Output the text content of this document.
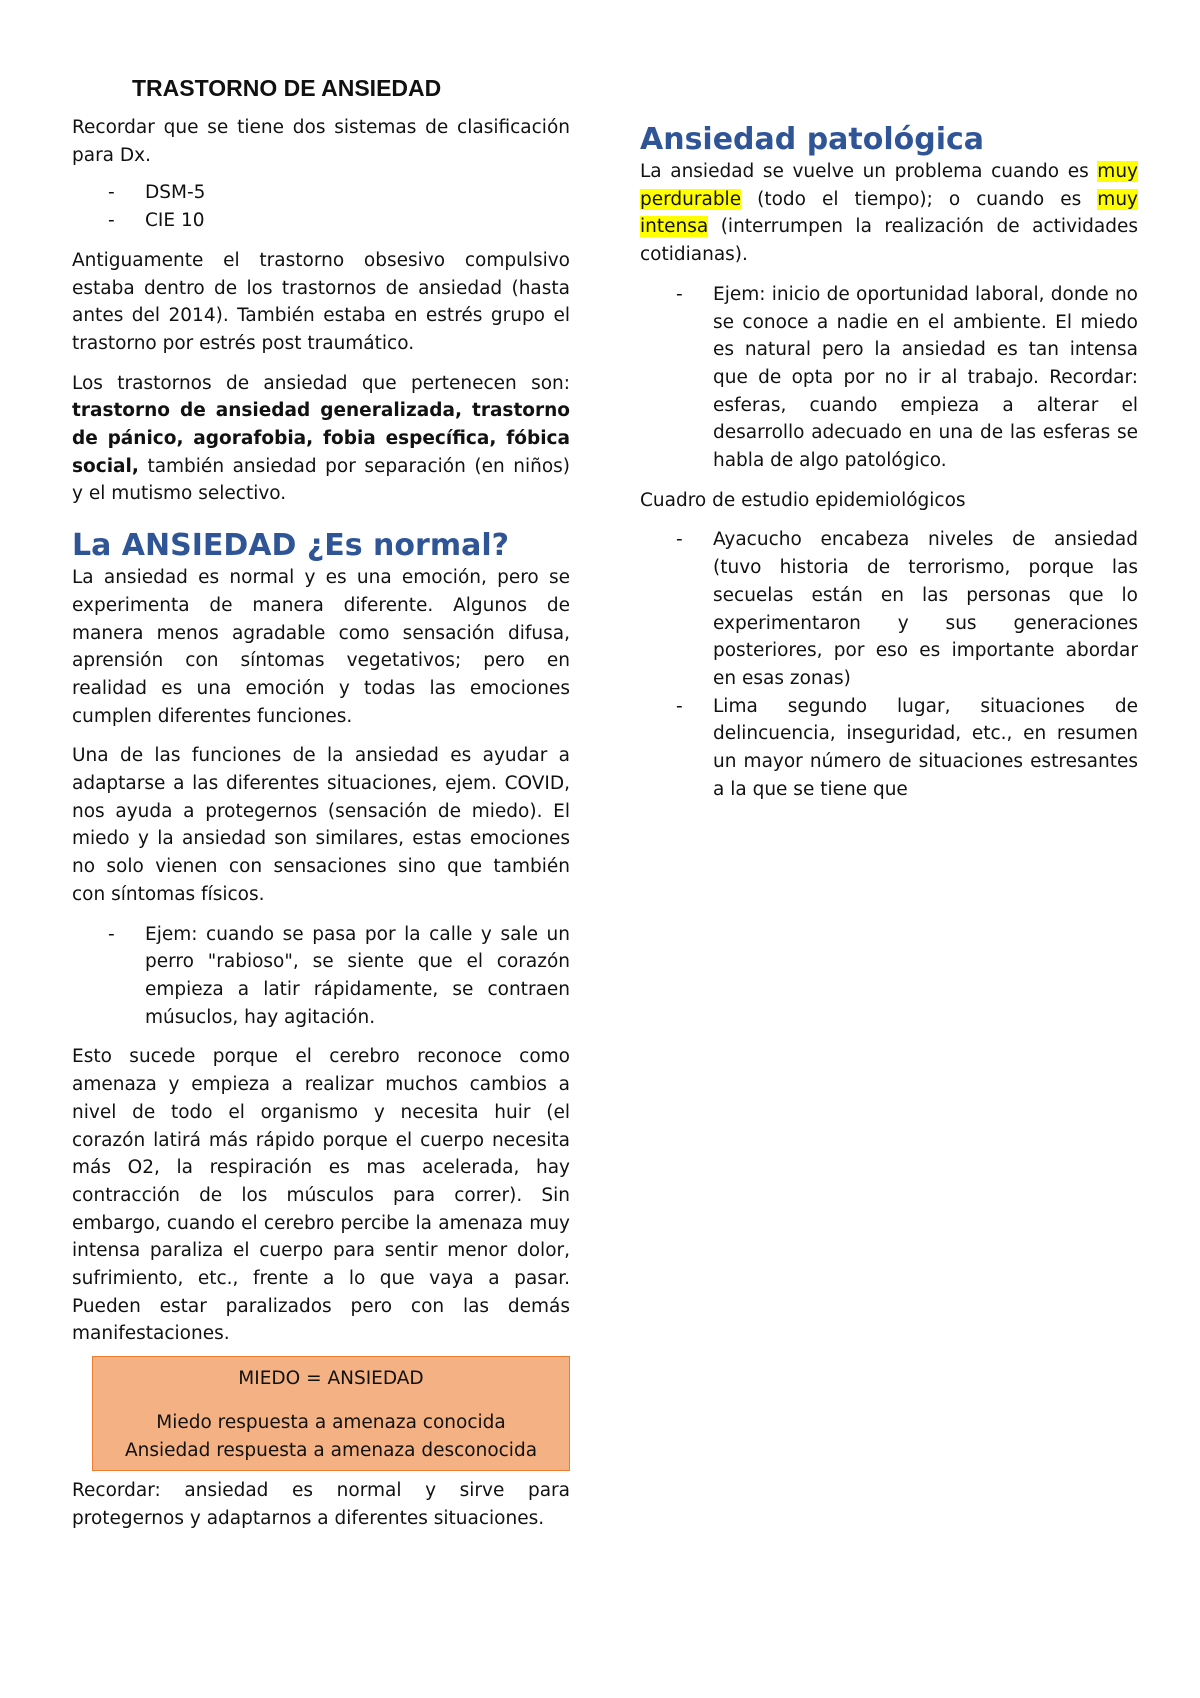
TRASTORNO DE ANSIEDAD

Recordar que se tiene dos sistemas de clasificación para Dx.

- DSM-5
- CIE 10

Antiguamente el trastorno obsesivo compulsivo estaba dentro de los trastornos de ansiedad (hasta antes del 2014). También estaba en estrés grupo el trastorno por estrés post traumático.

Los trastornos de ansiedad que pertenecen son: trastorno de ansiedad generalizada, trastorno de pánico, agorafobia, fobia específica, fóbica social, también ansiedad por separación (en niños) y el mutismo selectivo.

La ANSIEDAD ¿Es normal?

La ansiedad es normal y es una emoción, pero se experimenta de manera diferente. Algunos de manera menos agradable como sensación difusa, aprensión con síntomas vegetativos; pero en realidad es una emoción y todas las emociones cumplen diferentes funciones.

Una de las funciones de la ansiedad es ayudar a adaptarse a las diferentes situaciones, ejem. COVID, nos ayuda a protegernos (sensación de miedo). El miedo y la ansiedad son similares, estas emociones no solo vienen con sensaciones sino que también con síntomas físicos.

- Ejem: cuando se pasa por la calle y sale un perro "rabioso", se siente que el corazón empieza a latir rápidamente, se contraen músuclos, hay agitación.

Esto sucede porque el cerebro reconoce como amenaza y empieza a realizar muchos cambios a nivel de todo el organismo y necesita huir (el corazón latirá más rápido porque el cuerpo necesita más O2, la respiración es mas acelerada, hay contracción de los músculos para correr). Sin embargo, cuando el cerebro percibe la amenaza muy intensa paraliza el cuerpo para sentir menor dolor, sufrimiento, etc., frente a lo que vaya a pasar. Pueden estar paralizados pero con las demás manifestaciones.

MIEDO = ANSIEDAD
Miedo respuesta a amenaza conocida
Ansiedad respuesta a amenaza desconocida

Recordar: ansiedad es normal y sirve para protegernos y adaptarnos a diferentes situaciones.

Ansiedad patológica

La ansiedad se vuelve un problema cuando es muy perdurable (todo el tiempo); o cuando es muy intensa (interrumpen la realización de actividades cotidianas).

- Ejem: inicio de oportunidad laboral, donde no se conoce a nadie en el ambiente. El miedo es natural pero la ansiedad es tan intensa que de opta por no ir al trabajo. Recordar: esferas, cuando empieza a alterar el desarrollo adecuado en una de las esferas se habla de algo patológico.

Cuadro de estudio epidemiológicos

- Ayacucho encabeza niveles de ansiedad (tuvo historia de terrorismo, porque las secuelas están en las personas que lo experimentaron y sus generaciones posteriores, por eso es importante abordar en esas zonas)
- Lima segundo lugar, situaciones de delincuencia, inseguridad, etc., en resumen un mayor número de situaciones estresantes a la que se tiene que
